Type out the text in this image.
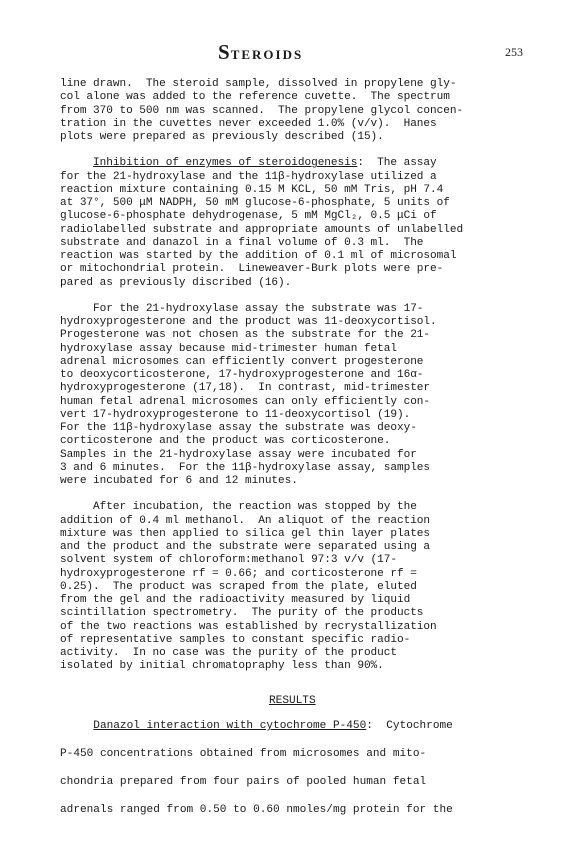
STEROIDS	253
line drawn.  The steroid sample, dissolved in propylene gly-
col alone was added to the reference cuvette.  The spectrum
from 370 to 500 nm was scanned.  The propylene glycol concen-
tration in the cuvettes never exceeded 1.0% (v/v).  Hanes
plots were prepared as previously described (15).
Inhibition of enzymes of steroidogenesis:  The assay
for the 21-hydroxylase and the 11β-hydroxylase utilized a
reaction mixture containing 0.15 M KCL, 50 mM Tris, pH 7.4
at 37°, 500 μM NADPH, 50 mM glucose-6-phosphate, 5 units of
glucose-6-phosphate dehydrogenase, 5 mM MgCl₂, 0.5 μCi of
radiolabelled substrate and appropriate amounts of unlabelled
substrate and danazol in a final volume of 0.3 ml.  The
reaction was started by the addition of 0.1 ml of microsomal
or mitochondrial protein.  Lineweaver-Burk plots were pre-
pared as previously discribed (16).
For the 21-hydroxylase assay the substrate was 17-
hydroxyprogesterone and the product was 11-deoxycortisol.
Progesterone was not chosen as the substrate for the 21-
hydroxylase assay because mid-trimester human fetal
adrenal microsomes can efficiently convert progesterone
to deoxycorticosterone, 17-hydroxyprogesterone and 16α-
hydroxyprogesterone (17,18).  In contrast, mid-trimester
human fetal adrenal microsomes can only efficiently con-
vert 17-hydroxyprogesterone to 11-deoxycortisol (19).
For the 11β-hydroxylase assay the substrate was deoxy-
corticosterone and the product was corticosterone.
Samples in the 21-hydroxylase assay were incubated for
3 and 6 minutes.  For the 11β-hydroxylase assay, samples
were incubated for 6 and 12 minutes.
After incubation, the reaction was stopped by the
addition of 0.4 ml methanol.  An aliquot of the reaction
mixture was then applied to silica gel thin layer plates
and the product and the substrate were separated using a
solvent system of chloroform:methanol 97:3 v/v (17-
hydroxyprogesterone rf = 0.66; and corticosterone rf =
0.25).  The product was scraped from the plate, eluted
from the gel and the radioactivity measured by liquid
scintillation spectrometry.  The purity of the products
of the two reactions was established by recrystallization
of representative samples to constant specific radio-
activity.  In no case was the purity of the product
isolated by initial chromatopraphy less than 90%.
RESULTS
Danazol interaction with cytochrome P-450:  Cytochrome
P-450 concentrations obtained from microsomes and mito-
chondria prepared from four pairs of pooled human fetal
adrenals ranged from 0.50 to 0.60 nmoles/mg protein for the
